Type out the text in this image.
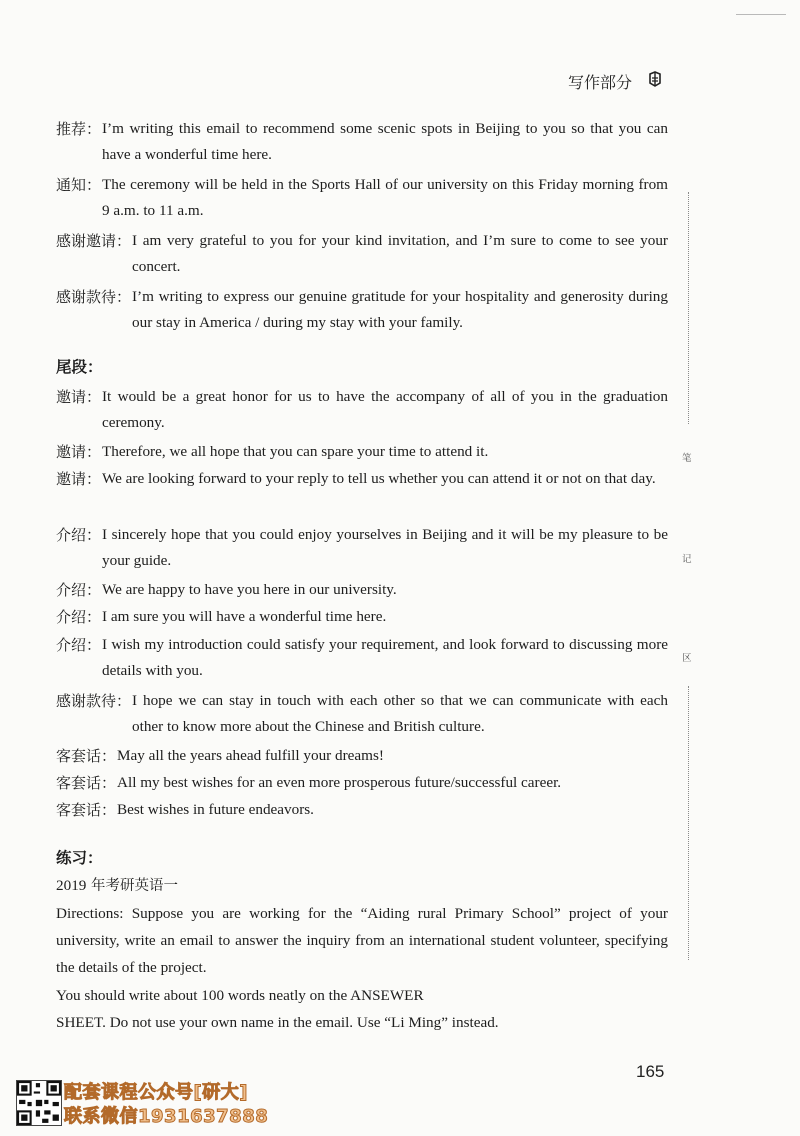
写作部分
推荐： I’m writing this email to recommend some scenic spots in Beijing to you so that you can have a wonderful time here.
通知： The ceremony will be held in the Sports Hall of our university on this Friday morning from 9 a.m. to 11 a.m.
感谢邀请： I am very grateful to you for your kind invitation, and I’m sure to come to see your concert.
感谢款待： I’m writing to express our genuine gratitude for your hospitality and generosity during our stay in America / during my stay with your family.
尾段：
邀请： It would be a great honor for us to have the accompany of all of you in the graduation ceremony.
邀请： Therefore, we all hope that you can spare your time to attend it.
邀请： We are looking forward to your reply to tell us whether you can attend it or not on that day.
介绍： I sincerely hope that you could enjoy yourselves in Beijing and it will be my pleasure to be your guide.
介绍： We are happy to have you here in our university.
介绍： I am sure you will have a wonderful time here.
介绍： I wish my introduction could satisfy your requirement, and look forward to discussing more details with you.
感谢款待： I hope we can stay in touch with each other so that we can communicate with each other to know more about the Chinese and British culture.
客套话： May all the years ahead fulfill your dreams!
客套话： All my best wishes for an even more prosperous future/successful career.
客套话： Best wishes in future endeavors.
练习：
2019 年考研英语一
Directions: Suppose you are working for the “Aiding rural Primary School” project of your university, write an email to answer the inquiry from an international student volunteer, specifying the details of the project.
You should write about 100 words neatly on the ANSEWER
SHEET. Do not use your own name in the email. Use “Li Ming” instead.
笔
记
区
165
配套课程公众号[研大]
联系微信1931637888
